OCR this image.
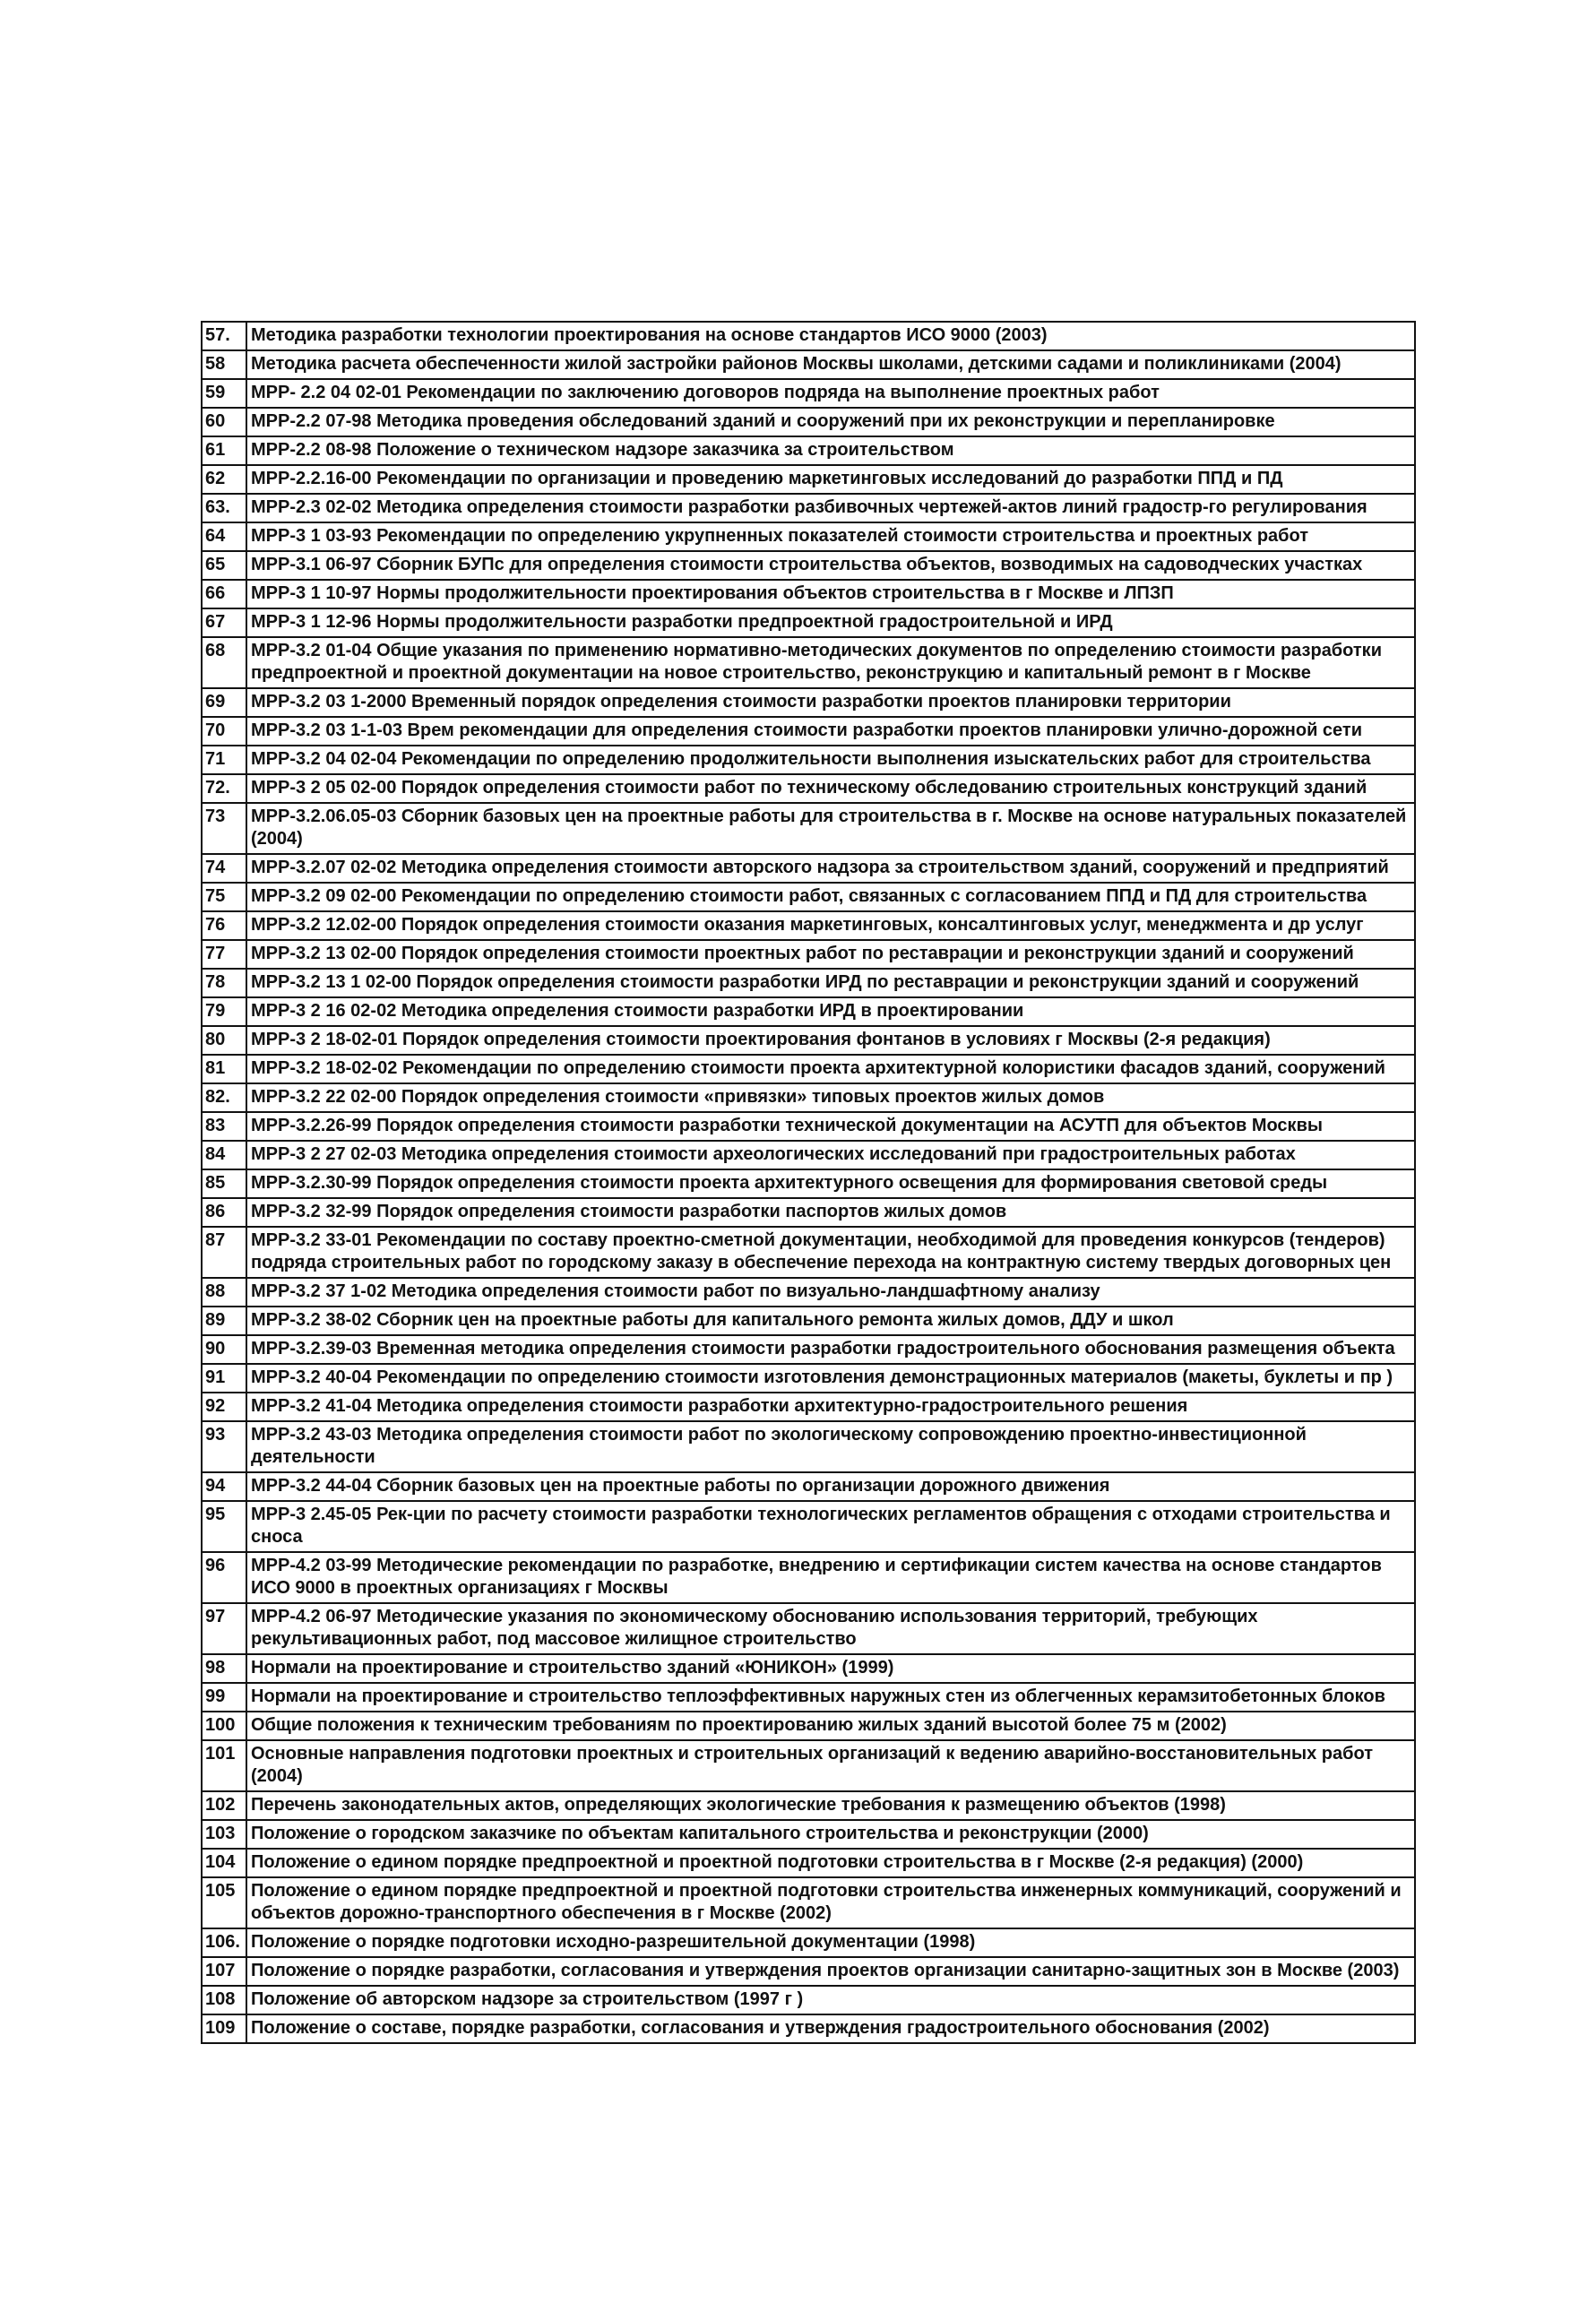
57.	Методика разработки технологии проектирования на основе стандартов ИСО 9000 (2003)
58	Методика расчета обеспеченности жилой застройки районов Москвы школами, детскими садами и поликлиниками (2004)
59	МРР- 2.2 04 02-01 Рекомендации по заключению договоров подряда на выполнение проектных работ
60	МРР-2.2 07-98 Методика проведения обследований зданий и сооружений при их реконструкции и перепланировке
61	МРР-2.2 08-98 Положение о техническом надзоре заказчика за строительством
62	МРР-2.2.16-00 Рекомендации по организации и проведению маркетинговых исследований до разработки ППД и ПД
63.	МРР-2.3 02-02 Методика определения стоимости разработки разбивочных чертежей-актов линий градостр-го регулирования
64	МРР-3 1 03-93 Рекомендации по определению укрупненных показателей стоимости строительства и проектных работ
65	МРР-3.1 06-97 Сборник БУПс для определения стоимости строительства объектов, возводимых на садоводческих участках
66	МРР-3 1 10-97 Нормы продолжительности проектирования объектов строительства в г Москве и ЛПЗП
67	МРР-3 1 12-96 Нормы продолжительности разработки предпроектной градостроительной и ИРД
68	МРР-3.2 01-04 Общие указания по применению нормативно-методических документов по определению стоимости разработки предпроектной и проектной документации на новое строительство, реконструкцию и капитальный ремонт в г Москве
69	МРР-3.2 03 1-2000 Временный порядок определения стоимости разработки проектов планировки территории
70	МРР-3.2 03 1-1-03 Врем рекомендации для определения стоимости разработки проектов планировки улично-дорожной сети
71	МРР-3.2 04 02-04 Рекомендации по определению продолжительности выполнения изыскательских работ для строительства
72.	МРР-3 2 05 02-00 Порядок определения стоимости работ по техническому обследованию строительных конструкций зданий
73	МРР-3.2.06.05-03 Сборник базовых цен на проектные работы для строительства в г. Москве на основе натуральных показателей (2004)
74	МРР-3.2.07 02-02 Методика определения стоимости авторского надзора за строительством зданий, сооружений и предприятий
75	МРР-3.2 09 02-00 Рекомендации по определению стоимости работ, связанных с согласованием ППД и ПД для строительства
76	МРР-3.2 12.02-00 Порядок определения стоимости оказания маркетинговых, консалтинговых услуг, менеджмента и др услуг
77	МРР-3.2 13 02-00 Порядок определения стоимости проектных работ по реставрации и реконструкции зданий и сооружений
78	МРР-3.2 13 1 02-00 Порядок определения стоимости разработки ИРД по реставрации и реконструкции зданий и сооружений
79	МРР-3 2 16 02-02 Методика определения стоимости разработки ИРД в проектировании
80	МРР-3 2 18-02-01 Порядок определения стоимости проектирования фонтанов в условиях г Москвы (2-я редакция)
81	МРР-3.2 18-02-02 Рекомендации по определению стоимости проекта архитектурной колористики фасадов зданий, сооружений
82.	МРР-3.2 22 02-00 Порядок определения стоимости «привязки» типовых проектов жилых домов
83	МРР-3.2.26-99 Порядок определения стоимости разработки технической документации на АСУТП для объектов Москвы
84	МРР-3 2 27 02-03 Методика определения стоимости археологических исследований при градостроительных работах
85	МРР-3.2.30-99 Порядок определения стоимости проекта архитектурного освещения для формирования световой среды
86	МРР-3.2 32-99 Порядок определения стоимости разработки паспортов жилых домов
87	МРР-3.2 33-01 Рекомендации по составу проектно-сметной документации, необходимой для проведения конкурсов (тендеров) подряда строительных работ по городскому заказу в обеспечение перехода на контрактную систему твердых договорных цен
88	МРР-3.2 37 1-02 Методика определения стоимости работ по визуально-ландшафтному анализу
89	МРР-3.2 38-02 Сборник цен на проектные работы для капитального ремонта жилых домов, ДДУ и школ
90	МРР-3.2.39-03 Временная методика определения стоимости разработки градостроительного обоснования размещения объекта
91	МРР-3.2 40-04 Рекомендации по определению стоимости изготовления демонстрационных материалов (макеты, буклеты и пр )
92	МРР-3.2 41-04 Методика определения стоимости разработки архитектурно-градостроительного решения
93	МРР-3.2 43-03 Методика определения стоимости работ по экологическому сопровождению проектно-инвестиционной деятельности
94	МРР-3.2 44-04 Сборник базовых цен на проектные работы по организации дорожного движения
95	МРР-3 2.45-05 Рек-ции по расчету стоимости разработки технологических регламентов обращения с отходами строительства и сноса
96	МРР-4.2 03-99 Методические рекомендации по разработке, внедрению и сертификации систем качества на основе стандартов ИСО 9000 в проектных организациях г Москвы
97	МРР-4.2 06-97 Методические указания по экономическому обоснованию использования территорий, требующих рекультивационных работ, под массовое жилищное строительство
98	Нормали на проектирование и строительство зданий «ЮНИКОН» (1999)
99	Нормали на проектирование и строительство теплоэффективных наружных стен из облегченных керамзитобетонных блоков
100	Общие положения к техническим требованиям по проектированию жилых зданий высотой более 75 м (2002)
101	Основные направления подготовки проектных и строительных организаций к ведению аварийно-восстановительных работ (2004)
102	Перечень законодательных актов, определяющих экологические требования к размещению объектов (1998)
103	Положение о городском заказчике по объектам капитального строительства и реконструкции (2000)
104	Положение о едином порядке предпроектной и проектной подготовки строительства в г Москве (2-я редакция) (2000)
105	Положение о едином порядке предпроектной и проектной подготовки строительства инженерных коммуникаций, сооружений и объектов дорожно-транспортного обеспечения в г Москве (2002)
106.	Положение о порядке подготовки исходно-разрешительной документации (1998)
107	Положение о порядке разработки, согласования и утверждения проектов организации санитарно-защитных зон в Москве (2003)
108	Положение об авторском надзоре за строительством (1997 г )
109	Положение о составе, порядке разработки, согласования и утверждения градостроительного обоснования (2002)
